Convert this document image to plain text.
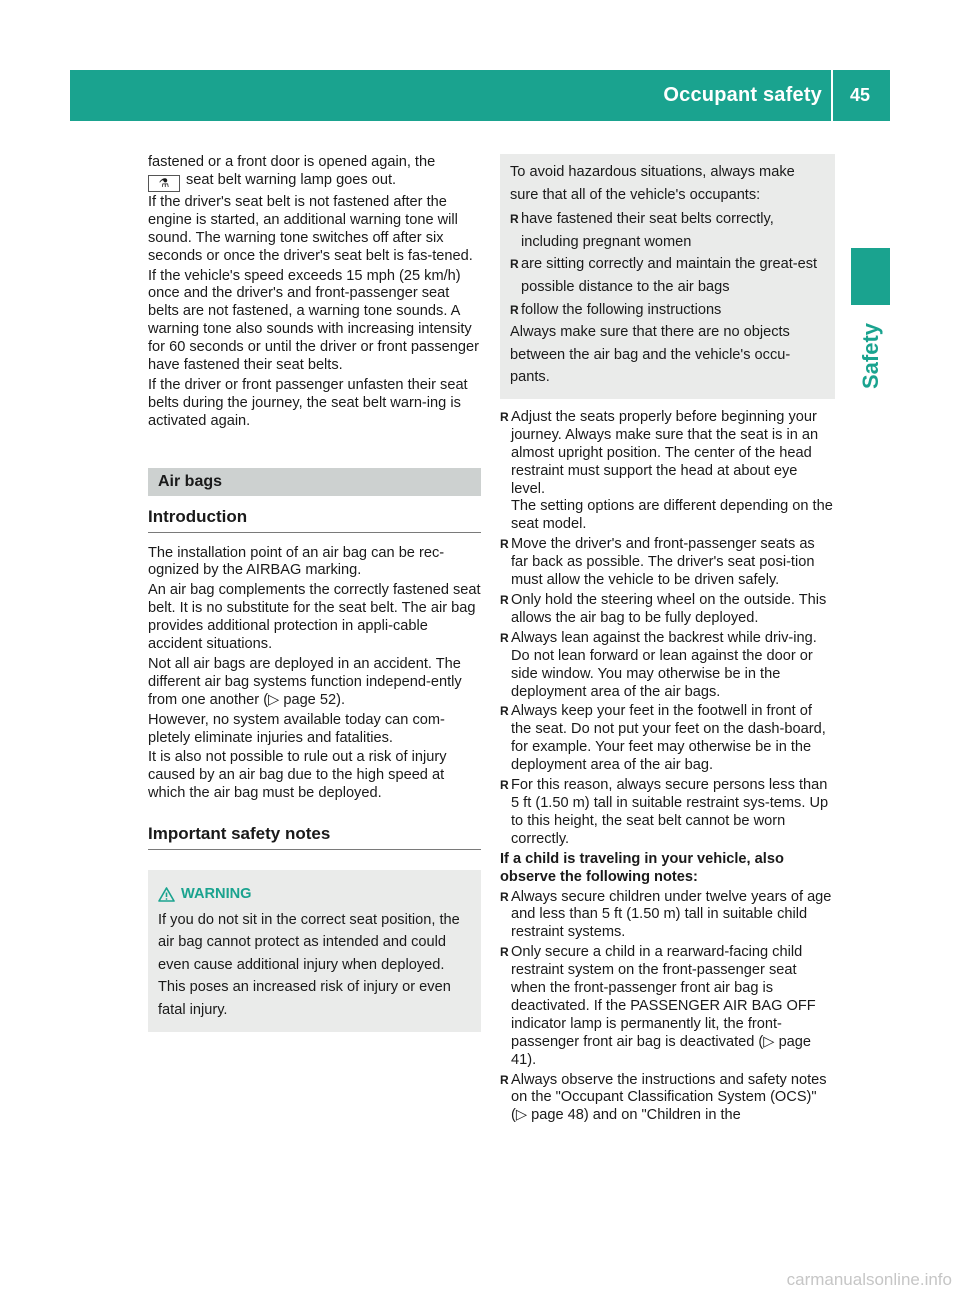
Occupant safety 45
Safety

fastened or a front door is opened again, the
⚗ seat belt warning lamp goes out.

If the driver's seat belt is not fastened after the engine is started, an additional warning tone will sound. The warning tone switches off after six seconds or once the driver's seat belt is fas-tened.

If the vehicle's speed exceeds 15 mph (25 km/h) once and the driver's and front-passenger seat belts are not fastened, a warning tone sounds. A warning tone also sounds with increasing intensity for 60 seconds or until the driver or front passenger have fastened their seat belts.

If the driver or front passenger unfasten their seat belts during the journey, the seat belt warn-ing is activated again.

Air bags
Introduction

The installation point of an air bag can be rec-ognized by the AIRBAG marking.

An air bag complements the correctly fastened seat belt. It is no substitute for the seat belt. The air bag provides additional protection in appli-cable accident situations.

Not all air bags are deployed in an accident. The different air bag systems function independ-ently from one another (▷ page 52).

However, no system available today can com-pletely eliminate injuries and fatalities.

It is also not possible to rule out a risk of injury caused by an air bag due to the high speed at which the air bag must be deployed.

Important safety notes
WARNING
If you do not sit in the correct seat position, the air bag cannot protect as intended and could even cause additional injury when deployed. This poses an increased risk of injury or even fatal injury.

To avoid hazardous situations, always make sure that all of the vehicle's occupants:

R have fastened their seat belts correctly, including pregnant women
R are sitting correctly and maintain the great-est possible distance to the air bags
R follow the following instructions

Always make sure that there are no objects between the air bag and the vehicle's occu-pants.

R Adjust the seats properly before beginning your journey. Always make sure that the seat is in an almost upright position. The center of the head restraint must support the head at about eye level.
The setting options are different depending on the seat model.
R Move the driver's and front-passenger seats as far back as possible. The driver's seat posi-tion must allow the vehicle to be driven safely.
R Only hold the steering wheel on the outside. This allows the air bag to be fully deployed.
R Always lean against the backrest while driv-ing. Do not lean forward or lean against the door or side window. You may otherwise be in the deployment area of the air bags.
R Always keep your feet in the footwell in front of the seat. Do not put your feet on the dash-board, for example. Your feet may otherwise be in the deployment area of the air bag.
R For this reason, always secure persons less than 5 ft (1.50 m) tall in suitable restraint sys-tems. Up to this height, the seat belt cannot be worn correctly.

If a child is traveling in your vehicle, also observe the following notes:

R Always secure children under twelve years of age and less than 5 ft (1.50 m) tall in suitable child restraint systems.
R Only secure a child in a rearward-facing child restraint system on the front-passenger seat when the front-passenger front air bag is deactivated. If the PASSENGER AIR BAG OFF indicator lamp is permanently lit, the front-passenger front air bag is deactivated (▷ page 41).
R Always observe the instructions and safety notes on the "Occupant Classification System (OCS)" (▷ page 48) and on "Children in the
carmanualsonline.info
